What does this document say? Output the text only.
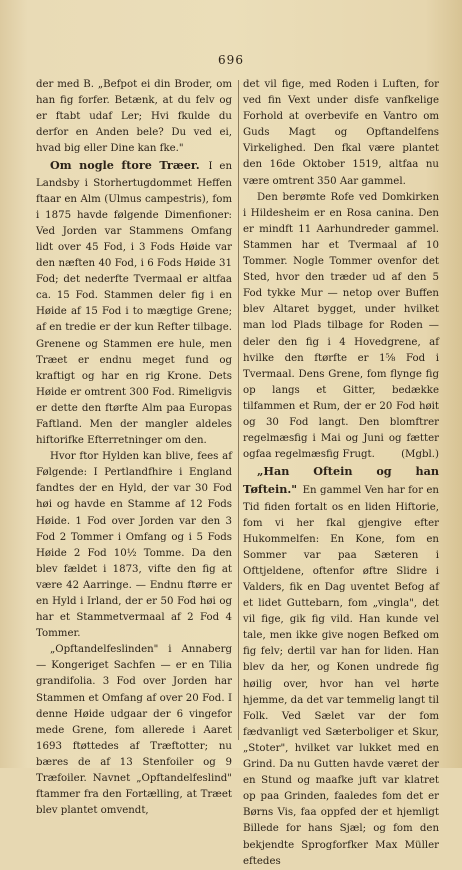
696

der med B. „Befpot ei din Broder, om han fig forfer. Betænk, at du felv og er ftabt udaf Ler; Hvi fkulde du derfor en Anden bele? Du ved ei, hvad big eller Dine kan fke."

Om nogle ftore Træer. I en Landsby i Storhertugdommet Heffen ftaar en Alm (Ulmus campestris), fom i 1875 havde følgende Dimenfioner: Ved Jorden var Stammens Omfang lidt over 45 Fod, i 3 Fods Høide var den næften 40 Fod, i 6 Fods Høide 31 Fod; det nederfte Tvermaal er altfaa ca. 15 Fod. Stammen deler fig i en Høide af 15 Fod i to mægtige Grene; af en tredie er der kun Refter tilbage. Grenene og Stammen ere hule, men Træet er endnu meget fund og kraftigt og har en rig Krone. Dets Høide er omtrent 300 Fod. Rimeligvis er dette den ftørfte Alm paa Europas Faftland. Men der mangler aldeles hiftorifke Efterretninger om den.

Hvor ftor Hylden kan blive, fees af Følgende: I Pertlandfhire i England fandtes der en Hyld, der var 30 Fod høi og havde en Stamme af 12 Fods Høide. 1 Fod over Jorden var den 3 Fod 2 Tommer i Omfang og i 5 Fods Høide 2 Fod 10½ Tomme. Da den blev fældet i 1873, vifte den fig at være 42 Aarringe. — Endnu ftørre er en Hyld i Irland, der er 50 Fod høi og har et Stammetvermaal af 2 Fod 4 Tommer.

„Opftandelfeslinden" i Annaberg — Kongeriget Sachfen — er en Tilia grandifolia. 3 Fod over Jorden har Stammen et Omfang af over 20 Fod. I denne Høide udgaar der 6 vingefor mede Grene, fom allerede i Aaret 1693 ftøttedes af Træftotter; nu bæres de af 13 Stenfoiler og 9 Træfoiler. Navnet „Opftandelfeslind" ftammer fra den Fortælling, at Træet blev plantet omvendt,

det vil fige, med Roden i Luften, for ved fin Vext under disfe vanfkelige Forhold at overbevife en Vantro om Guds Magt og Opftandelfens Virkelighed. Den fkal være plantet den 16de Oktober 1519, altfaa nu være omtrent 350 Aar gammel.

Den berømte Rofe ved Domkirken i Hildesheim er en Rosa canina. Den er mindft 11 Aarhundreder gammel. Stammen har et Tvermaal af 10 Tommer. Nogle Tommer ovenfor det Sted, hvor den træder ud af den 5 Fod tykke Mur — netop over Buffen blev Altaret bygget, under hvilket man lod Plads tilbage for Roden — deler den fig i 4 Hovedgrene, af hvilke den ftørfte er 1⅝ Fod i Tvermaal. Dens Grene, fom flynge fig op langs et Gitter, bedække tilfammen et Rum, der er 20 Fod høit og 30 Fod langt. Den blomftrer regelmæsfig i Mai og Juni og fætter ogfaa regelmæsfig Frugt.	(Mgbl.)

„Han Oftein og han Tøftein." En gammel Ven har for en Tid fiden fortalt os en liden Hiftorie, fom vi her fkal gjengive efter Hukommelfen: En Kone, fom en Sommer var paa Sæteren i Ofttjeldene, oftenfor øftre Slidre i Valders, fik en Dag uventet Befog af et lidet Guttebarn, fom „vingla", det vil fige, gik fig vild. Han kunde vel tale, men ikke give nogen Befked om fig felv; dertil var han for liden. Han blev da her, og Konen undrede fig høilig over, hvor han vel hørte hjemme, da det var temmelig langt til Folk. Ved Sælet var der fom fædvanligt ved Sæterboliger et Skur, „Stoter", hvilket var lukket med en Grind. Da nu Gutten havde været der en Stund og maafke juft var klatret op paa Grinden, faaledes fom det er Børns Vis, faa oppfed der et hjemligt Billede for hans Sjæl; og fom den bekjendte Sprogforfker Max Müller eftedes
